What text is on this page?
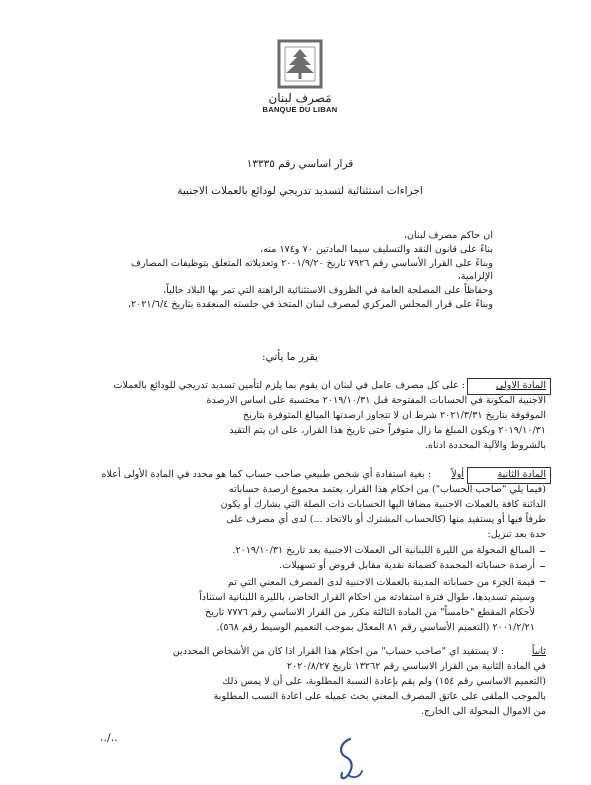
مَصرف لبنان
BANQUE DU LIBAN
قرار اساسي رقم ١٣٣٣٥
اجراءات استثنائية لتسديد تدريجي لودائع بالعملات الاجنبية
ان حاكم مصرف لبنان،
بناءً على قانون النقد والتسليف سيما المادتين ٧٠ و١٧٤ منه،
وبناءً على القرار الأساسي رقم ٧٩٢٦ تاريخ ٢٠٠١/٩/٢٠ وتعديلاته المتعلق بتوظيفات المصارف
الإلزامية،
وحفاظاً على المصلحة العامة في الظروف الاستثنائية الراهنة التي تمر بها البلاد حالياً،
وبناءً على قرار المجلس المركزي لمصرف لبنان المتخذ في جلسته المنعقدة بتاريخ ٢٠٢١/٦/٤،
يقرر ما يأتي:
المادة الاولى
: على كل مصرف عامل في لبنان ان يقوم بما يلزم لتأمين تسديد تدريجي للودائع بالعملات
الاجنبية المكونة في الحسابات المفتوحة قبل ٢٠١٩/١٠/٣١ محتسبة على اساس الارصدة
الموقوفة بتاريخ ٢٠٢١/٣/٣١ شرط ان لا تتجاوز ارصدتها المبالغ المتوفرة بتاريخ
٢٠١٩/١٠/٣١ ويكون المبلغ ما زال متوفراً حتى تاريخ هذا القرار، على ان يتم التقيد
بالشروط والآلية المحددة ادناه.
المادة الثانية
أولاً
: بغية استفادة أي شخص طبيعي صاحب حساب كما هو محدد في المادة الأولى أعلاه
(فيما يلي "صاحب الحساب") من احكام هذا القرار، يعتمد مجموع ارصدة حساباته
الدائنة كافة بالعملات الاجنبية مضافا اليها الحسابات ذات الصلة التي يشارك أو يكون
طرفاً فيها أو يستفيد منها (كالحساب المشترك أو بالاتحاد ...) لدى أي مصرف على
حدة بعد تنزيل:
المبالغ المحولة من الليرة اللبنانية الى العملات الاجنبية بعد تاريخ ٢٠١٩/١٠/٣١.
أرصدة حساباته المجمدة كضمانة نقدية مقابل قروض أو تسهيلات.
قيمة الجزء من حساباته المدينة بالعملات الاجنبية لدى المصرف المعني التي تم
وسيتم تسديدها، طوال فترة استفادته من احكام القرار الحاضر، بالليرة اللبنانية استناداً
لأحكام المقطع "خامساً" من المادة الثالثة مكرر من القرار الاساسي رقم ٧٧٧٦ تاريخ
٢٠٠١/٢/٢١ (التعميم الأساسي رقم ٨١ المعدّل بموجب التعميم الوسيط رقم ٥٦٨).
ثانياً
: لا يستفيد اي "صاحب حساب" من احكام هذا القرار اذا كان من الأشخاص المحددين
في المادة الثانية من القرار الاساسي رقم ١٣٢٦٢ تاريخ ٢٠٢٠/٨/٢٧
(التعميم الاساسي رقم ١٥٤) ولم يقم بإعادة النسبة المطلوبة، على أن لا يمس ذلك
بالموجب الملقى على عاتق المصرف المعني بحث عميله على اعادة النسب المطلوبة
من الاموال المحولة الى الخارج.
../..
